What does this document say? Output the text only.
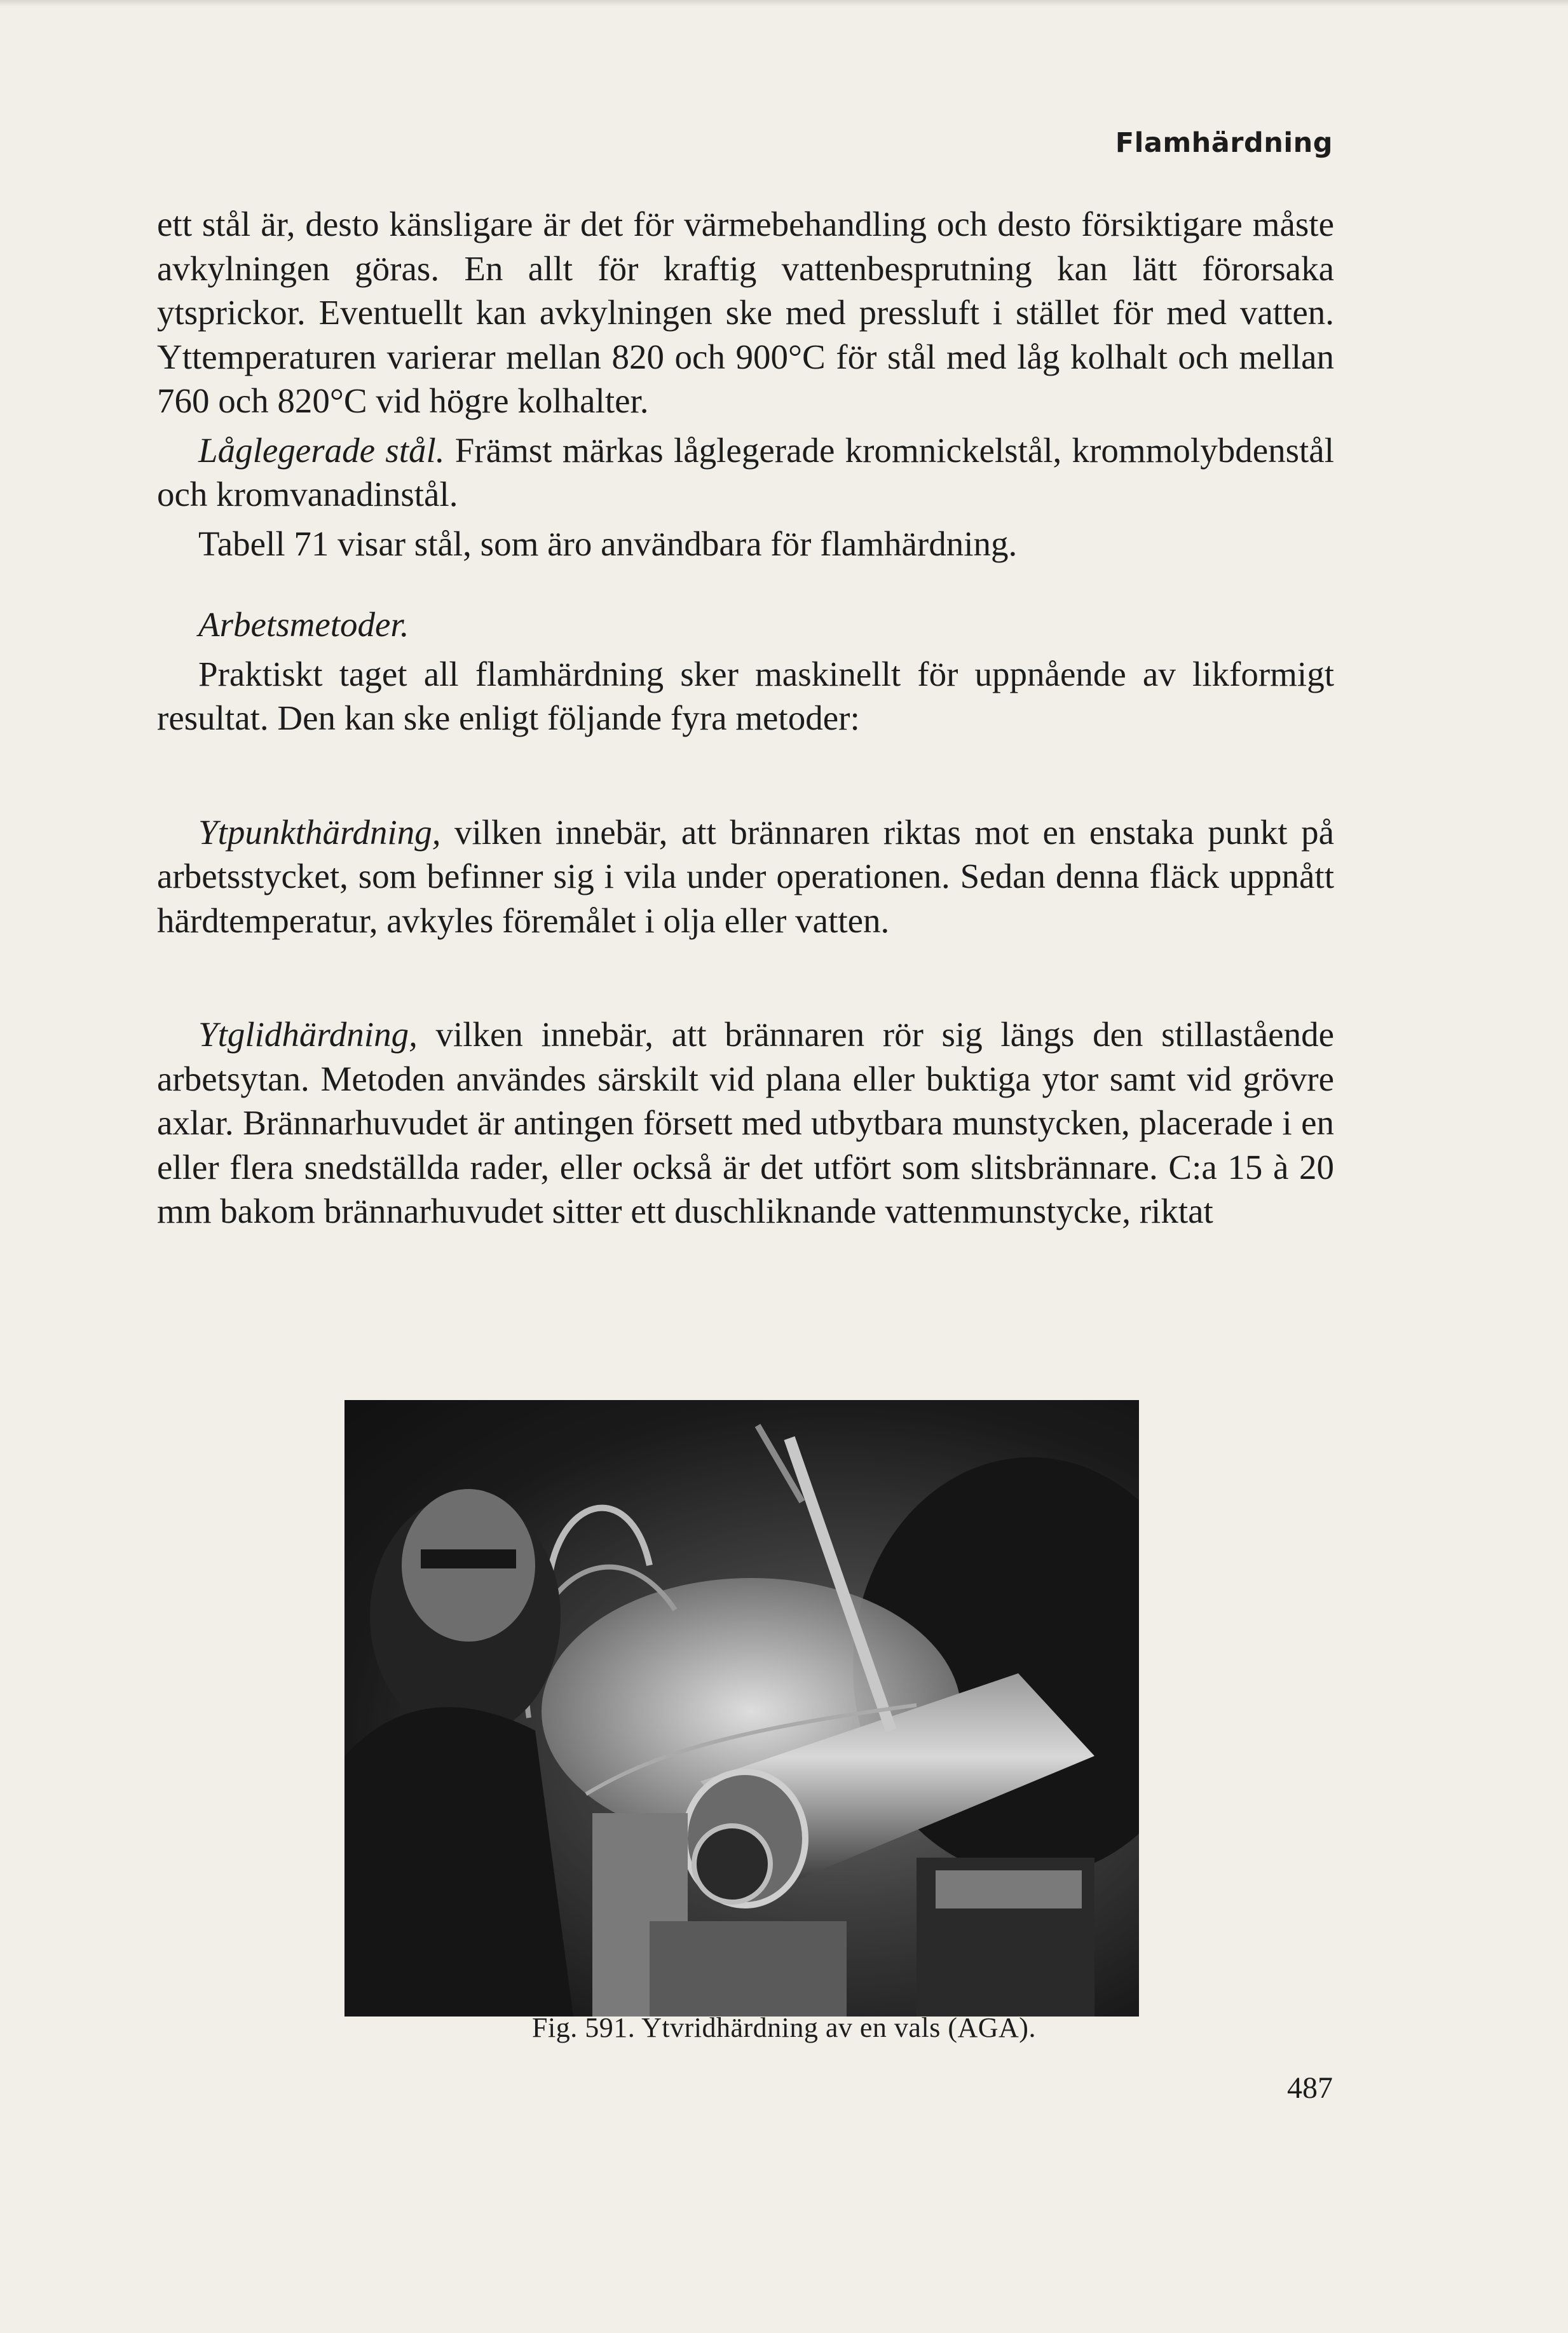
Flamhärdning

ett stål är, desto känsligare är det för värmebehandling och desto försiktigare måste avkylningen göras. En allt för kraftig vattenbesprutning kan lätt förorsaka ytsprickor. Eventuellt kan avkylningen ske med pressluft i stället för med vatten. Yttemperaturen varierar mellan 820 och 900°C för stål med låg kolhalt och mellan 760 och 820°C vid högre kolhalter.

Låglegerade stål. Främst märkas låglegerade kromnickelstål, krommolybdenstål och kromvanadinstål.

Tabell 71 visar stål, som äro användbara för flamhärdning.

Arbetsmetoder.

Praktiskt taget all flamhärdning sker maskinellt för uppnående av likformigt resultat. Den kan ske enligt följande fyra metoder:

Ytpunkthärdning, vilken innebär, att brännaren riktas mot en enstaka punkt på arbetsstycket, som befinner sig i vila under operationen. Sedan denna fläck uppnått härdtemperatur, avkyles föremålet i olja eller vatten.

Ytglidhärdning, vilken innebär, att brännaren rör sig längs den stillastående arbetsytan. Metoden användes särskilt vid plana eller buktiga ytor samt vid grövre axlar. Brännarhuvudet är antingen försett med utbytbara munstycken, placerade i en eller flera snedställda rader, eller också är det utfört som slitsbrännare. C:a 15 à 20 mm bakom brännarhuvudet sitter ett duschliknande vattenmunstycke, riktat

Fig. 591. Ytvridhärdning av en vals (AGA).
487
